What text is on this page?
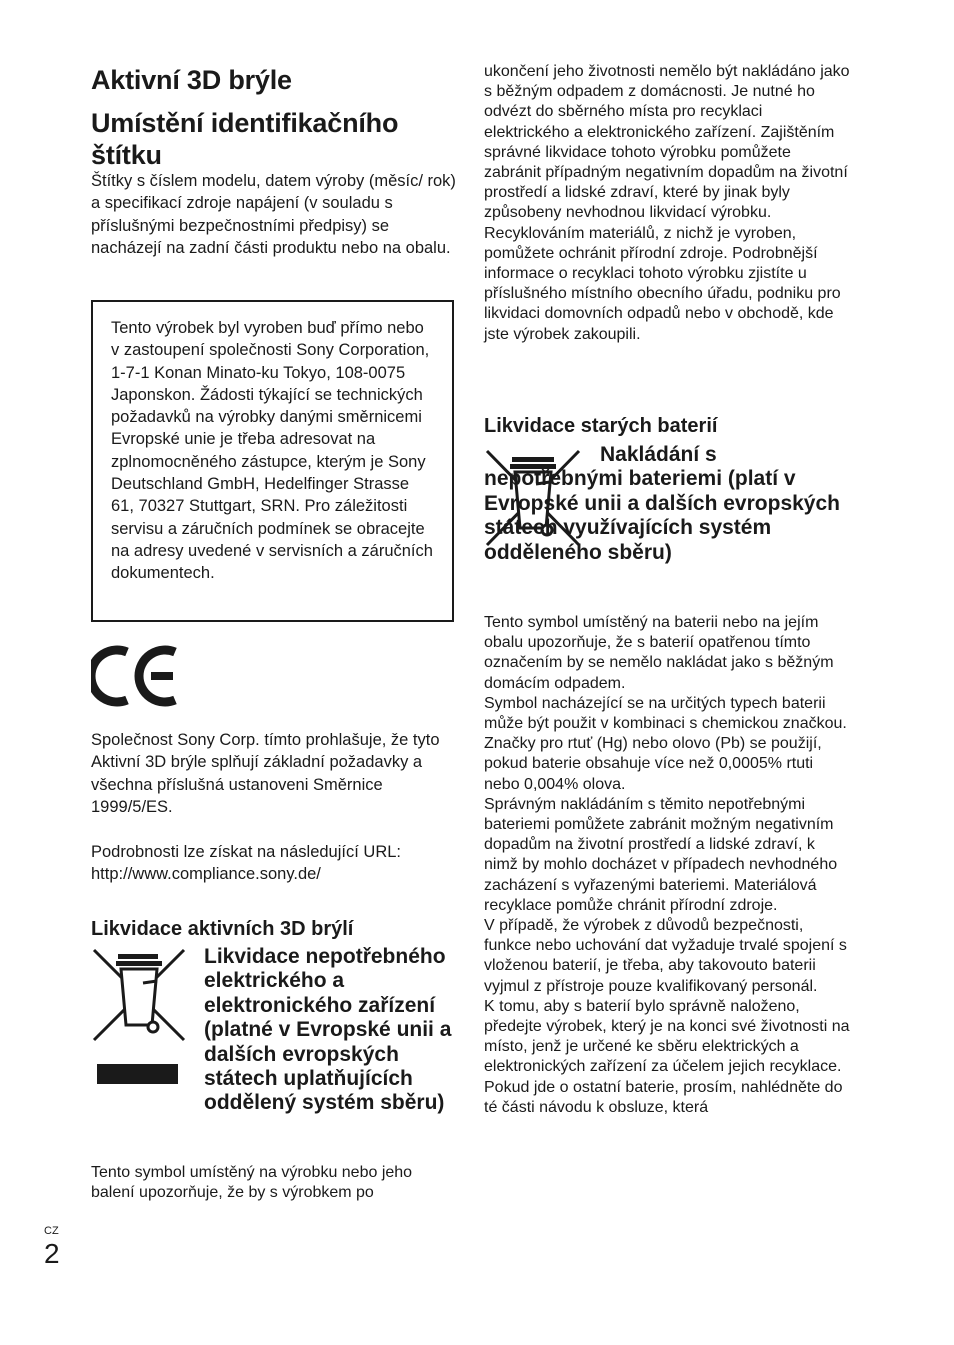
Aktivní 3D brýle
Umístění identifikačního štítku

Štítky s číslem modelu, datem výroby (měsíc/ rok) a specifikací zdroje napájení (v souladu s příslušnými bezpečnostními předpisy) se nacházejí na zadní části produktu nebo na obalu.

Tento výrobek byl vyroben buď přímo nebo v zastoupení společnosti Sony Corporation, 1-7-1 Konan Minato-ku Tokyo, 108-0075 Japonskon. Žádosti týkající se technických požadavků na výrobky danými směrnicemi Evropské unie je třeba adresovat na zplnomocněného zástupce, kterým je Sony Deutschland GmbH, Hedelfinger Strasse 61, 70327 Stuttgart, SRN. Pro záležitosti servisu a záručních podmínek se obracejte na adresy uvedené v servisních a záručních dokumentech.

Společnost Sony Corp. tímto prohlašuje, že tyto Aktivní 3D brýle splňují základní požadavky a všechna příslušná ustanoveni Směrnice 1999/5/ES.

Podrobnosti lze získat na následující URL:

http://www.compliance.sony.de/

Likvidace aktivních 3D brýlí
Likvidace nepotřebného elektrického a elektronického zařízení (platné v Evropské unii a dalších evropských státech uplatňujících oddělený systém sběru)

Tento symbol umístěný na výrobku nebo jeho balení upozorňuje, že by s výrobkem po

ukončení jeho životnosti nemělo být nakládáno jako s běžným odpadem z domácnosti. Je nutné ho odvézt do sběrného místa pro recyklaci elektrického a elektronického zařízení. Zajištěním správné likvidace tohoto výrobku pomůžete zabránit případným negativním dopadům na životní prostředí a lidské zdraví, které by jinak byly způsobeny nevhodnou likvidací výrobku. Recyklováním materiálů, z nichž je vyroben, pomůžete ochránit přírodní zdroje. Podrobnější informace o recyklaci tohoto výrobku zjistíte u příslušného místního obecního úřadu, podniku pro likvidaci domovních odpadů nebo v obchodě, kde jste výrobek zakoupili.

Likvidace starých baterií
Nakládání s nepotřebnými bateriemi (platí v Evropské unii a dalších evropských státech využívajících systém odděleného sběru)

Tento symbol umístěný na baterii nebo na jejím obalu upozorňuje, že s baterií opatřenou tímto označením by se nemělo nakládat jako s běžným domácím odpadem.

Symbol nacházející se na určitých typech baterii může být použit v kombinaci s chemickou značkou.

Značky pro rtuť (Hg) nebo olovo (Pb) se použijí, pokud baterie obsahuje více než 0,0005% rtuti nebo 0,004% olova.

Správným nakládáním s těmito nepotřebnými bateriemi pomůžete zabránit možným negativním dopadům na životní prostředí a lidské zdraví, k nimž by mohlo docházet v případech nevhodného zacházení s vyřazenými bateriemi. Materiálová recyklace pomůže chránit přírodní zdroje.

V případě, že výrobek z důvodů bezpečnosti, funkce nebo uchování dat vyžaduje trvalé spojení s vloženou baterií, je třeba, aby takovouto baterii vyjmul z přístroje pouze kvalifikovaný personál.

K tomu, aby s baterií bylo správně naloženo, předejte výrobek, který je na konci své životnosti na místo, jenž je určené ke sběru elektrických a elektronických zařízení za účelem jejich recyklace.

Pokud jde o ostatní baterie, prosím, nahlédněte do té části návodu k obsluze, která

CZ
2
